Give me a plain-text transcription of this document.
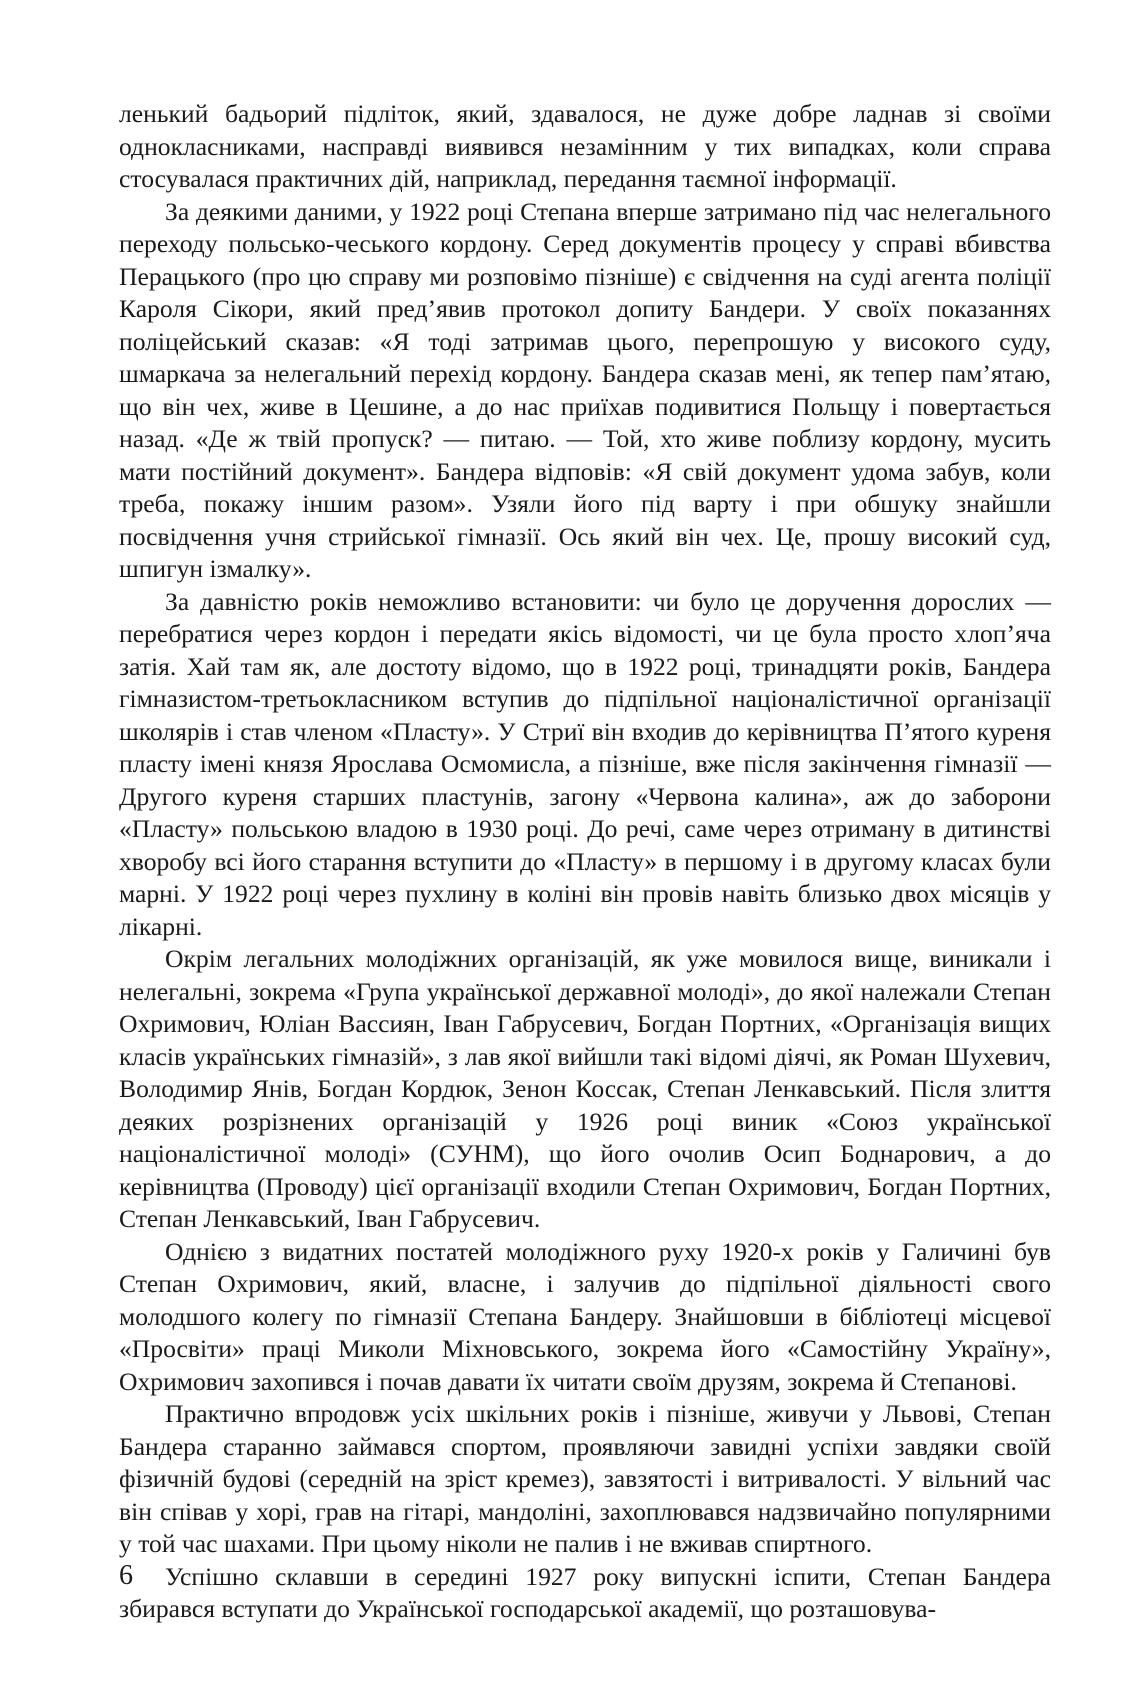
ленький бадьорий підліток, який, здавалося, не дуже добре ладнав зі своїми однокласниками, насправді виявився незамінним у тих випадках, коли справа стосувалася практичних дій, наприклад, передання таємної інформації.

За деякими даними, у 1922 році Степана вперше затримано під час нелегального переходу польсько-чеського кордону. Серед документів процесу у справі вбивства Перацького (про цю справу ми розповімо пізніше) є свідчення на суді агента поліції Кароля Сікори, який пред’явив протокол допиту Бандери. У своїх показаннях поліцейський сказав: «Я тоді затримав цього, перепрошую у високого суду, шмаркача за нелегальний перехід кордону. Бандера сказав мені, як тепер пам’ятаю, що він чех, живе в Цешине, а до нас приїхав подивитися Польщу і повертається назад. «Де ж твій пропуск? — питаю. — Той, хто живе поблизу кордону, мусить мати постійний документ». Бандера відповів: «Я свій документ удома забув, коли треба, покажу іншим разом». Узяли його під варту і при обшуку знайшли посвідчення учня стрийської гімназії. Ось який він чех. Це, прошу високий суд, шпигун ізмалку».

За давністю років неможливо встановити: чи було це доручення дорослих — перебратися через кордон і передати якісь відомості, чи це була просто хлоп’яча затія. Хай там як, але достоту відомо, що в 1922 році, тринадцяти років, Бандера гімназистом-третьокласником вступив до підпільної націоналістичної організації школярів і став членом «Пласту». У Стриї він входив до керівництва П’ятого куреня пласту імені князя Ярослава Осмомисла, а пізніше, вже після закінчення гімназії — Другого куреня старших пластунів, загону «Червона калина», аж до заборони «Пласту» польською владою в 1930 році. До речі, саме через отриману в дитинстві хворобу всі його старання вступити до «Пласту» в першому і в другому класах були марні. У 1922 році через пухлину в коліні він провів навіть близько двох місяців у лікарні.

Окрім легальних молодіжних організацій, як уже мовилося вище, виникали і нелегальні, зокрема «Група української державної молоді», до якої належали Степан Охримович, Юліан Вассиян, Іван Габрусевич, Богдан Портних, «Організація вищих класів українських гімназій», з лав якої вийшли такі відомі діячі, як Роман Шухевич, Володимир Янів, Богдан Кордюк, Зенон Коссак, Степан Ленкавський. Після злиття деяких розрізнених організацій у 1926 році виник «Союз української націоналістичної молоді» (СУНМ), що його очолив Осип Боднарович, а до керівництва (Проводу) цієї організації входили Степан Охримович, Богдан Портних, Степан Ленкавський, Іван Габрусевич.

Однією з видатних постатей молодіжного руху 1920-х років у Галичині був Степан Охримович, який, власне, і залучив до підпільної діяльності свого молодшого колегу по гімназії Степана Бандеру. Знайшовши в бібліотеці місцевої «Просвіти» праці Миколи Міхновського, зокрема його «Самостійну Україну», Охримович захопився і почав давати їх читати своїм друзям, зокрема й Степанові.

Практично впродовж усіх шкільних років і пізніше, живучи у Львові, Степан Бандера старанно займався спортом, проявляючи завидні успіхи завдяки своїй фізичній будові (середній на зріст кремез), завзятості і витривалості. У вільний час він співав у хорі, грав на гітарі, мандоліні, захоплювався надзвичайно популярними у той час шахами. При цьому ніколи не палив і не вживав спиртного.

Успішно склавши в середині 1927 року випускні іспити, Степан Бандера збирався вступати до Української господарської академії, що розташовува-

6
